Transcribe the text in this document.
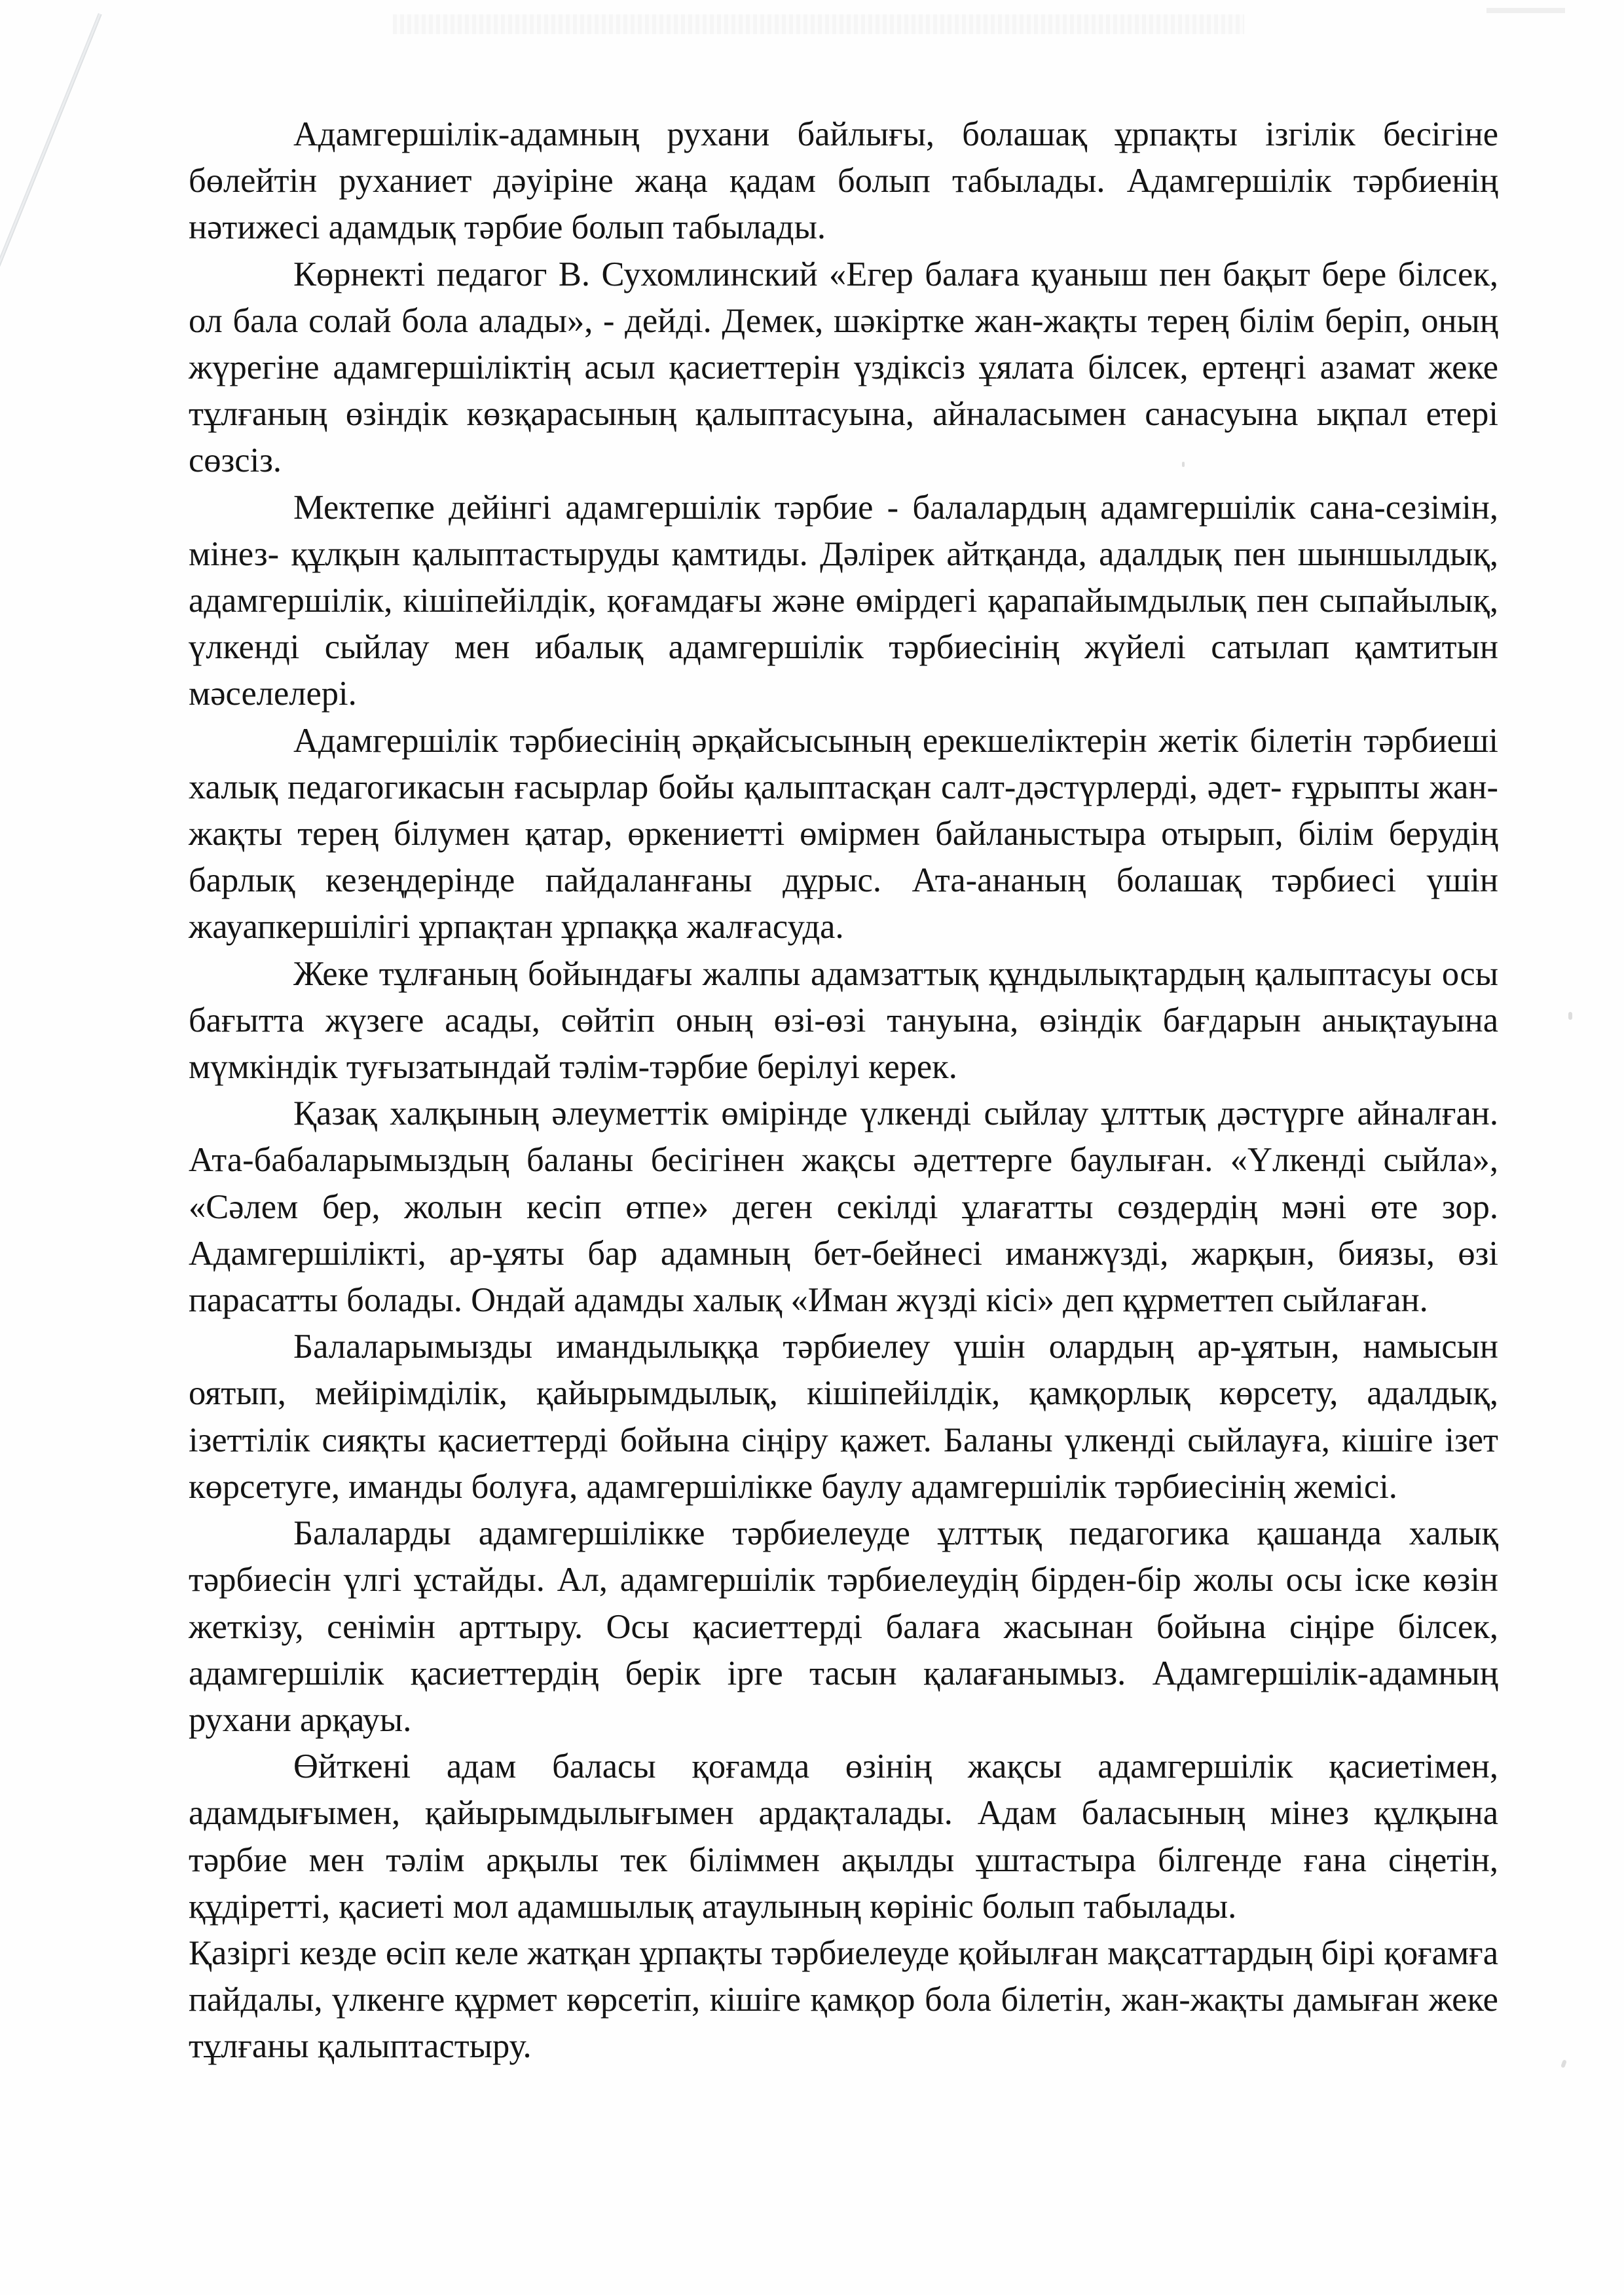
Адамгершілік-адамның рухани байлығы, болашақ ұрпақты ізгілік бесігіне бөлейтін руханиет дәуіріне жаңа қадам болып табылады. Адамгершілік тәрбиенің нәтижесі адамдық тәрбие болып табылады.

Көрнекті педагог В. Сухомлинский «Егер балаға қуаныш пен бақыт бере білсек, ол бала солай бола алады», - дейді. Демек, шәкіртке жан-жақты терең білім беріп, оның жүрегіне адамгершіліктің асыл қасиеттерін үздіксіз ұялата білсек, ертеңгі азамат жеке тұлғаның өзіндік көзқарасының қалыптасуына, айналасымен санасуына ықпал етері сөзсіз.

Мектепке дейінгі адамгершілік тәрбие - балалардың адамгершілік сана-сезімін, мінез- құлқын қалыптастыруды қамтиды. Дәлірек айтқанда, адалдық пен шыншылдық, адамгершілік, кішіпейілдік, қоғамдағы және өмірдегі қарапайымдылық пен сыпайылық, үлкенді сыйлау мен ибалық адамгершілік тәрбиесінің жүйелі сатылап қамтитын мәселелері.

Адамгершілік тәрбиесінің әрқайсысының ерекшеліктерін жетік білетін тәрбиеші халық педагогикасын ғасырлар бойы қалыптасқан салт-дәстүрлерді, әдет- ғұрыпты жан-жақты терең білумен қатар, өркениетті өмірмен байланыстыра отырып, білім берудің барлық кезеңдерінде пайдаланғаны дұрыс. Ата-ананың болашақ тәрбиесі үшін жауапкершілігі ұрпақтан ұрпаққа жалғасуда.

Жеке тұлғаның бойындағы жалпы адамзаттық құндылықтардың қалыптасуы осы бағытта жүзеге асады, сөйтіп оның өзі-өзі тануына, өзіндік бағдарын анықтауына мүмкіндік туғызатындай тәлім-тәрбие берілуі керек.

Қазақ халқының әлеуметтік өмірінде үлкенді сыйлау ұлттық дәстүрге айналған. Ата-бабаларымыздың баланы бесігінен жақсы әдеттерге баулыған. «Үлкенді сыйла», «Сәлем бер, жолын кесіп өтпе» деген секілді ұлағатты сөздердің мәні өте зор. Адамгершілікті, ар-ұяты бар адамның бет-бейнесі иманжүзді, жарқын, биязы, өзі парасатты болады. Ондай адамды халық «Иман жүзді кісі» деп құрметтеп сыйлаған.

Балаларымызды имандылыққа тәрбиелеу үшін олардың ар-ұятын, намысын оятып, мейірімділік, қайырымдылық, кішіпейілдік, қамқорлық көрсету, адалдық, ізеттілік сияқты қасиеттерді бойына сіңіру қажет. Баланы үлкенді сыйлауға, кішіге ізет көрсетуге, иманды болуға, адамгершілікке баулу адамгершілік тәрбиесінің жемісі.

Балаларды адамгершілікке тәрбиелеуде ұлттық педагогика қашанда халық тәрбиесін үлгі ұстайды. Ал, адамгершілік тәрбиелеудің бірден-бір жолы осы іске көзін жеткізу, сенімін арттыру. Осы қасиеттерді балаға жасынан бойына сіңіре білсек, адамгершілік қасиеттердің берік ірге тасын қалағанымыз. Адамгершілік-адамның рухани арқауы.

Өйткені адам баласы қоғамда өзінің жақсы адамгершілік қасиетімен, адамдығымен, қайырымдылығымен ардақталады. Адам баласының мінез құлқына тәрбие мен тәлім арқылы тек біліммен ақылды ұштастыра білгенде ғана сіңетін, құдіретті, қасиеті мол адамшылық атаулының көрініс болып табылады.

Қазіргі кезде өсіп келе жатқан ұрпақты тәрбиелеуде қойылған мақсаттардың бірі қоғамға пайдалы, үлкенге құрмет көрсетіп, кішіге қамқор бола білетін, жан-жақты дамыған жеке тұлғаны қалыптастыру.
